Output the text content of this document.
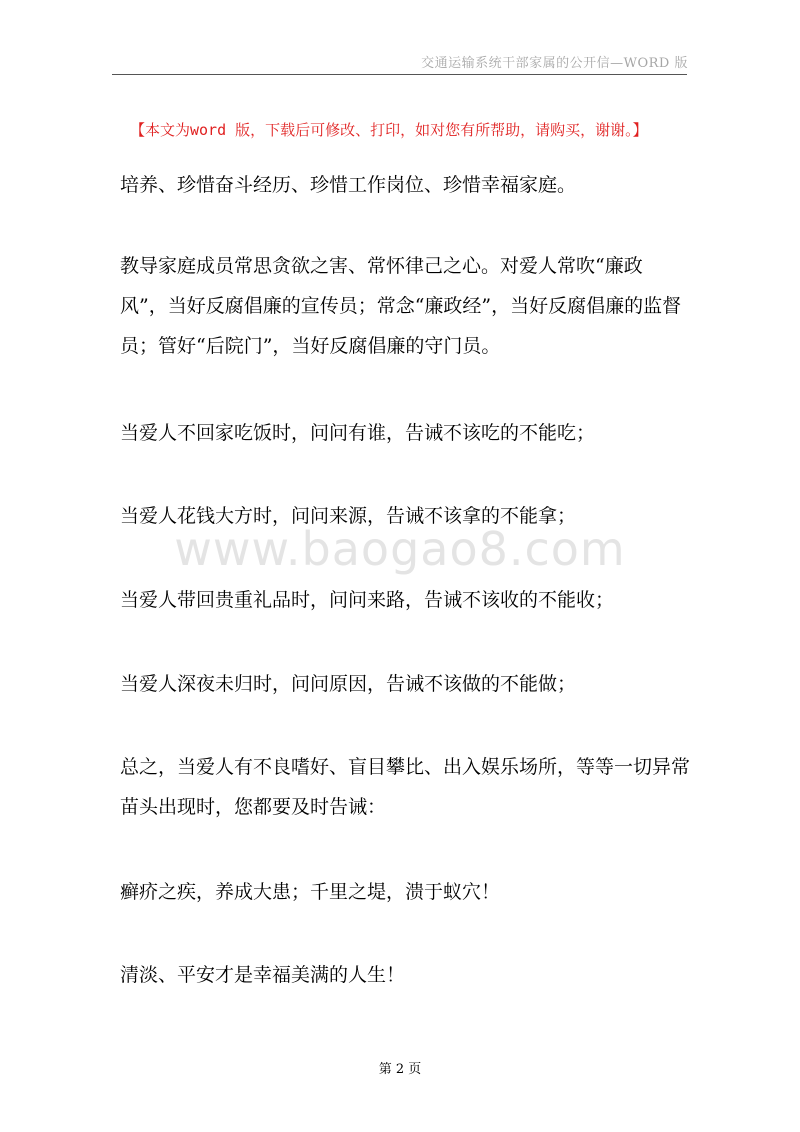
交通运输系统干部家属的公开信—WORD 版
【本文为word 版，下载后可修改、打印，如对您有所帮助，请购买，谢谢。】

培养、珍惜奋斗经历、珍惜工作岗位、珍惜幸福家庭。

教导家庭成员常思贪欲之害、常怀律己之心。对爱人常吹“廉政风”，当好反腐倡廉的宣传员；常念“廉政经”，当好反腐倡廉的监督员；管好“后院门”，当好反腐倡廉的守门员。

当爱人不回家吃饭时，问问有谁，告诫不该吃的不能吃；

当爱人花钱大方时，问问来源，告诫不该拿的不能拿；

www.baogao8.com

当爱人带回贵重礼品时，问问来路，告诫不该收的不能收；

当爱人深夜未归时，问问原因，告诫不该做的不能做；

总之，当爱人有不良嗜好、盲目攀比、出入娱乐场所，等等一切异常苗头出现时，您都要及时告诫：

癣疥之疾，养成大患；千里之堤，溃于蚁穴！

清淡、平安才是幸福美满的人生！

第 2 页
